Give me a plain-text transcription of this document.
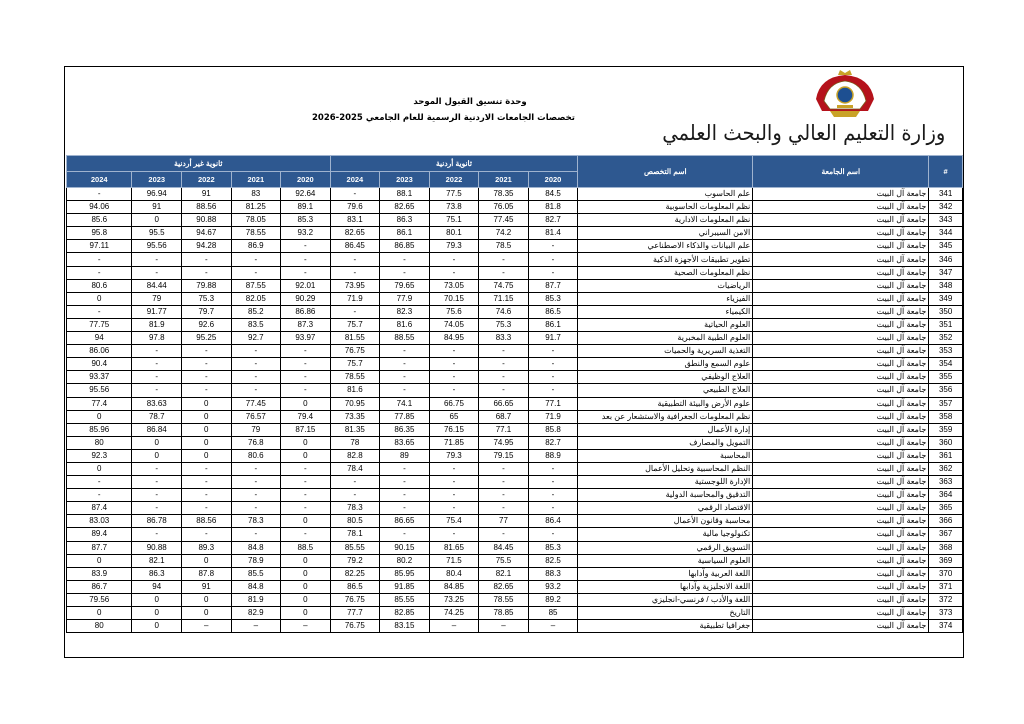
وحدة تنسيق القبول الموحد
تخصصات الجامعات الاردنية الرسمية للعام الجامعي 2025-2026
وزارة التعليم العالي والبحث العلمي
#	اسم الجامعة	اسم التخصص	ثانوية أردنية					ثانوية غير أردنية				
			2020	2021	2022	2023	2024	2020	2021	2022	2023	2024
341	جامعة آل البيت	علم الحاسوب	84.5	78.35	77.5	88.1	-	92.64	83	91	96.94	-
342	جامعة آل البيت	نظم المعلومات الحاسوبية	81.8	76.05	73.8	82.65	79.6	89.1	81.25	88.56	91	94.06
343	جامعة آل البيت	نظم المعلومات الادارية	82.7	77.45	75.1	86.3	83.1	85.3	78.05	90.88	0	85.6
344	جامعة آل البيت	الامن السيبراني	81.4	74.2	80.1	86.1	82.65	93.2	78.55	94.67	95.5	95.8
345	جامعة آل البيت	علم البيانات والذكاء الاصطناعي	-	78.5	79.3	86.85	86.45	-	86.9	94.28	95.56	97.11
346	جامعة آل البيت	تطوير تطبيقات الأجهزة الذكية	-	-	-	-	-	-	-	-	-	-
347	جامعة آل البيت	نظم المعلومات الصحية	-	-	-	-	-	-	-	-	-	-
348	جامعة آل البيت	الرياضيات	87.7	74.75	73.05	79.65	73.95	92.01	87.55	79.88	84.44	80.6
349	جامعة آل البيت	الفيزياء	85.3	71.15	70.15	77.9	71.9	90.29	82.05	75.3	79	0
350	جامعة آل البيت	الكيمياء	86.5	74.6	75.6	82.3	-	86.86	85.2	79.7	91.77	-
351	جامعة آل البيت	العلوم الحياتية	86.1	75.3	74.05	81.6	75.7	87.3	83.5	92.6	81.9	77.75
352	جامعة آل البيت	العلوم الطبية المخبرية	91.7	83.3	84.95	88.55	81.55	93.97	92.7	95.25	97.8	94
353	جامعة آل البيت	التغذية السريرية والحميات	-	-	-	-	76.75	-	-	-	-	86.06
354	جامعة آل البيت	علوم السمع والنطق	-	-	-	-	75.7	-	-	-	-	90.4
355	جامعة آل البيت	العلاج الوظيفي	-	-	-	-	78.55	-	-	-	-	93.37
356	جامعة آل البيت	العلاج الطبيعي	-	-	-	-	81.6	-	-	-	-	95.56
357	جامعة آل البيت	علوم الأرض والبيئة التطبيقية	77.1	66.65	66.75	74.1	70.95	0	77.45	0	83.63	77.4
358	جامعة آل البيت	نظم المعلومات الجغرافية والاستشعار عن بعد	71.9	68.7	65	77.85	73.35	79.4	76.57	0	78.7	0
359	جامعة آل البيت	إدارة الأعمال	85.8	77.1	76.15	86.35	81.35	87.15	79	0	86.84	85.96
360	جامعة آل البيت	التمويل والمصارف	82.7	74.95	71.85	83.65	78	0	76.8	0	0	80
361	جامعة آل البيت	المحاسبة	88.9	79.15	79.3	89	82.8	0	80.6	0	0	92.3
362	جامعة آل البيت	النظم المحاسبية وتحليل الأعمال	-	-	-	-	78.4	-	-	-	-	0
363	جامعة آل البيت	الإدارة اللوجستية	-	-	-	-	-	-	-	-	-	-
364	جامعة آل البيت	التدقيق والمحاسبة الدولية	-	-	-	-	-	-	-	-	-	-
365	جامعة آل البيت	الاقتصاد الرقمي	-	-	-	-	78.3	-	-	-	-	87.4
366	جامعة آل البيت	محاسبة وقانون الأعمال	86.4	77	75.4	86.65	80.5	0	78.3	88.56	86.78	83.03
367	جامعة آل البيت	تكنولوجيا مالية	-	-	-	-	78.1	-	-	-	-	89.4
368	جامعة آل البيت	التسويق الرقمي	85.3	84.45	81.65	90.15	85.55	88.5	84.8	89.3	90.88	87.7
369	جامعة آل البيت	العلوم السياسية	82.5	75.5	71.5	80.2	79.2	0	78.9	0	82.1	0
370	جامعة آل البيت	اللغة العربية وآدابها	88.3	82.1	80.4	85.95	82.25	0	85.5	87.8	86.3	83.9
371	جامعة آل البيت	اللغة الانجليزية وآدابها	93.2	82.65	84.85	91.85	86.5	0	84.8	91	94	86.7
372	جامعة آل البيت	اللغة والأدب / فرنسي-انجليزي	89.2	78.55	73.25	85.55	76.75	0	81.9	0	0	79.56
373	جامعة آل البيت	التاريخ	85	78.85	74.25	82.85	77.7	0	82.9	0	0	0
374	جامعة آل البيت	جغرافيا تطبيقية	–	–	–	83.15	76.75	–	–	–	0	80
